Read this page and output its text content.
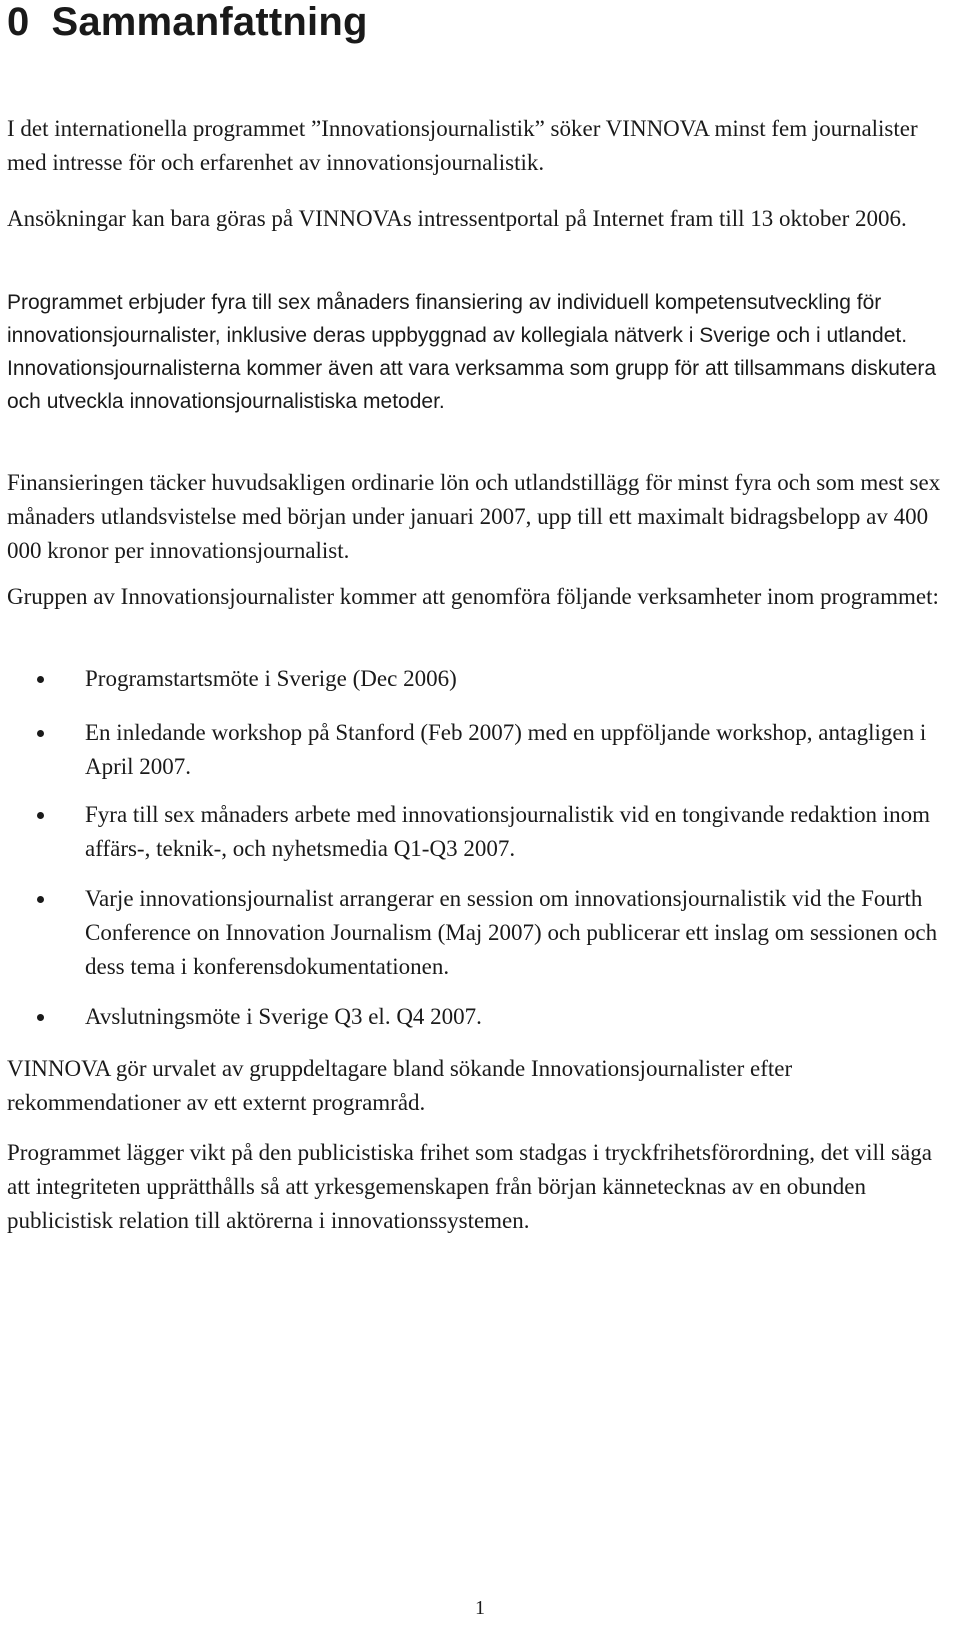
0 Sammanfattning

I det internationella programmet ”Innovationsjournalistik” söker VINNOVA minst fem journalister med intresse för och erfarenhet av innovationsjournalistik.

Ansökningar kan bara göras på VINNOVAs intressentportal på Internet fram till 13 oktober 2006.

Programmet erbjuder fyra till sex månaders finansiering av individuell kompetensutveckling för innovationsjournalister, inklusive deras uppbyggnad av kollegiala nätverk i Sverige och i utlandet. Innovationsjournalisterna kommer även att vara verksamma som grupp för att tillsammans diskutera och utveckla innovationsjournalistiska metoder.

Finansieringen täcker huvudsakligen ordinarie lön och utlandstillägg för minst fyra och som mest sex månaders utlandsvistelse med början under januari 2007, upp till ett maximalt bidragsbelopp av 400 000 kronor per innovationsjournalist.

Gruppen av Innovationsjournalister kommer att genomföra följande verksamheter inom programmet:

Programstartsmöte i Sverige (Dec 2006)
En inledande workshop på Stanford (Feb 2007) med en uppföljande workshop, antagligen i April 2007.
Fyra till sex månaders arbete med innovationsjournalistik vid en tongivande redaktion inom affärs-, teknik-, och nyhetsmedia Q1-Q3 2007.
Varje innovationsjournalist arrangerar en session om innovationsjournalistik vid the Fourth Conference on Innovation Journalism (Maj 2007) och publicerar ett inslag om sessionen och dess tema i konferensdokumentationen.
Avslutningsmöte i Sverige Q3 el. Q4 2007.

VINNOVA gör urvalet av gruppdeltagare bland sökande Innovationsjournalister efter rekommendationer av ett externt programråd.

Programmet lägger vikt på den publicistiska frihet som stadgas i tryckfrihetsförordning, det vill säga att integriteten upprätthålls så att yrkesgemenskapen från början kännetecknas av en obunden publicistisk relation till aktörerna i innovationssystemen.

1
